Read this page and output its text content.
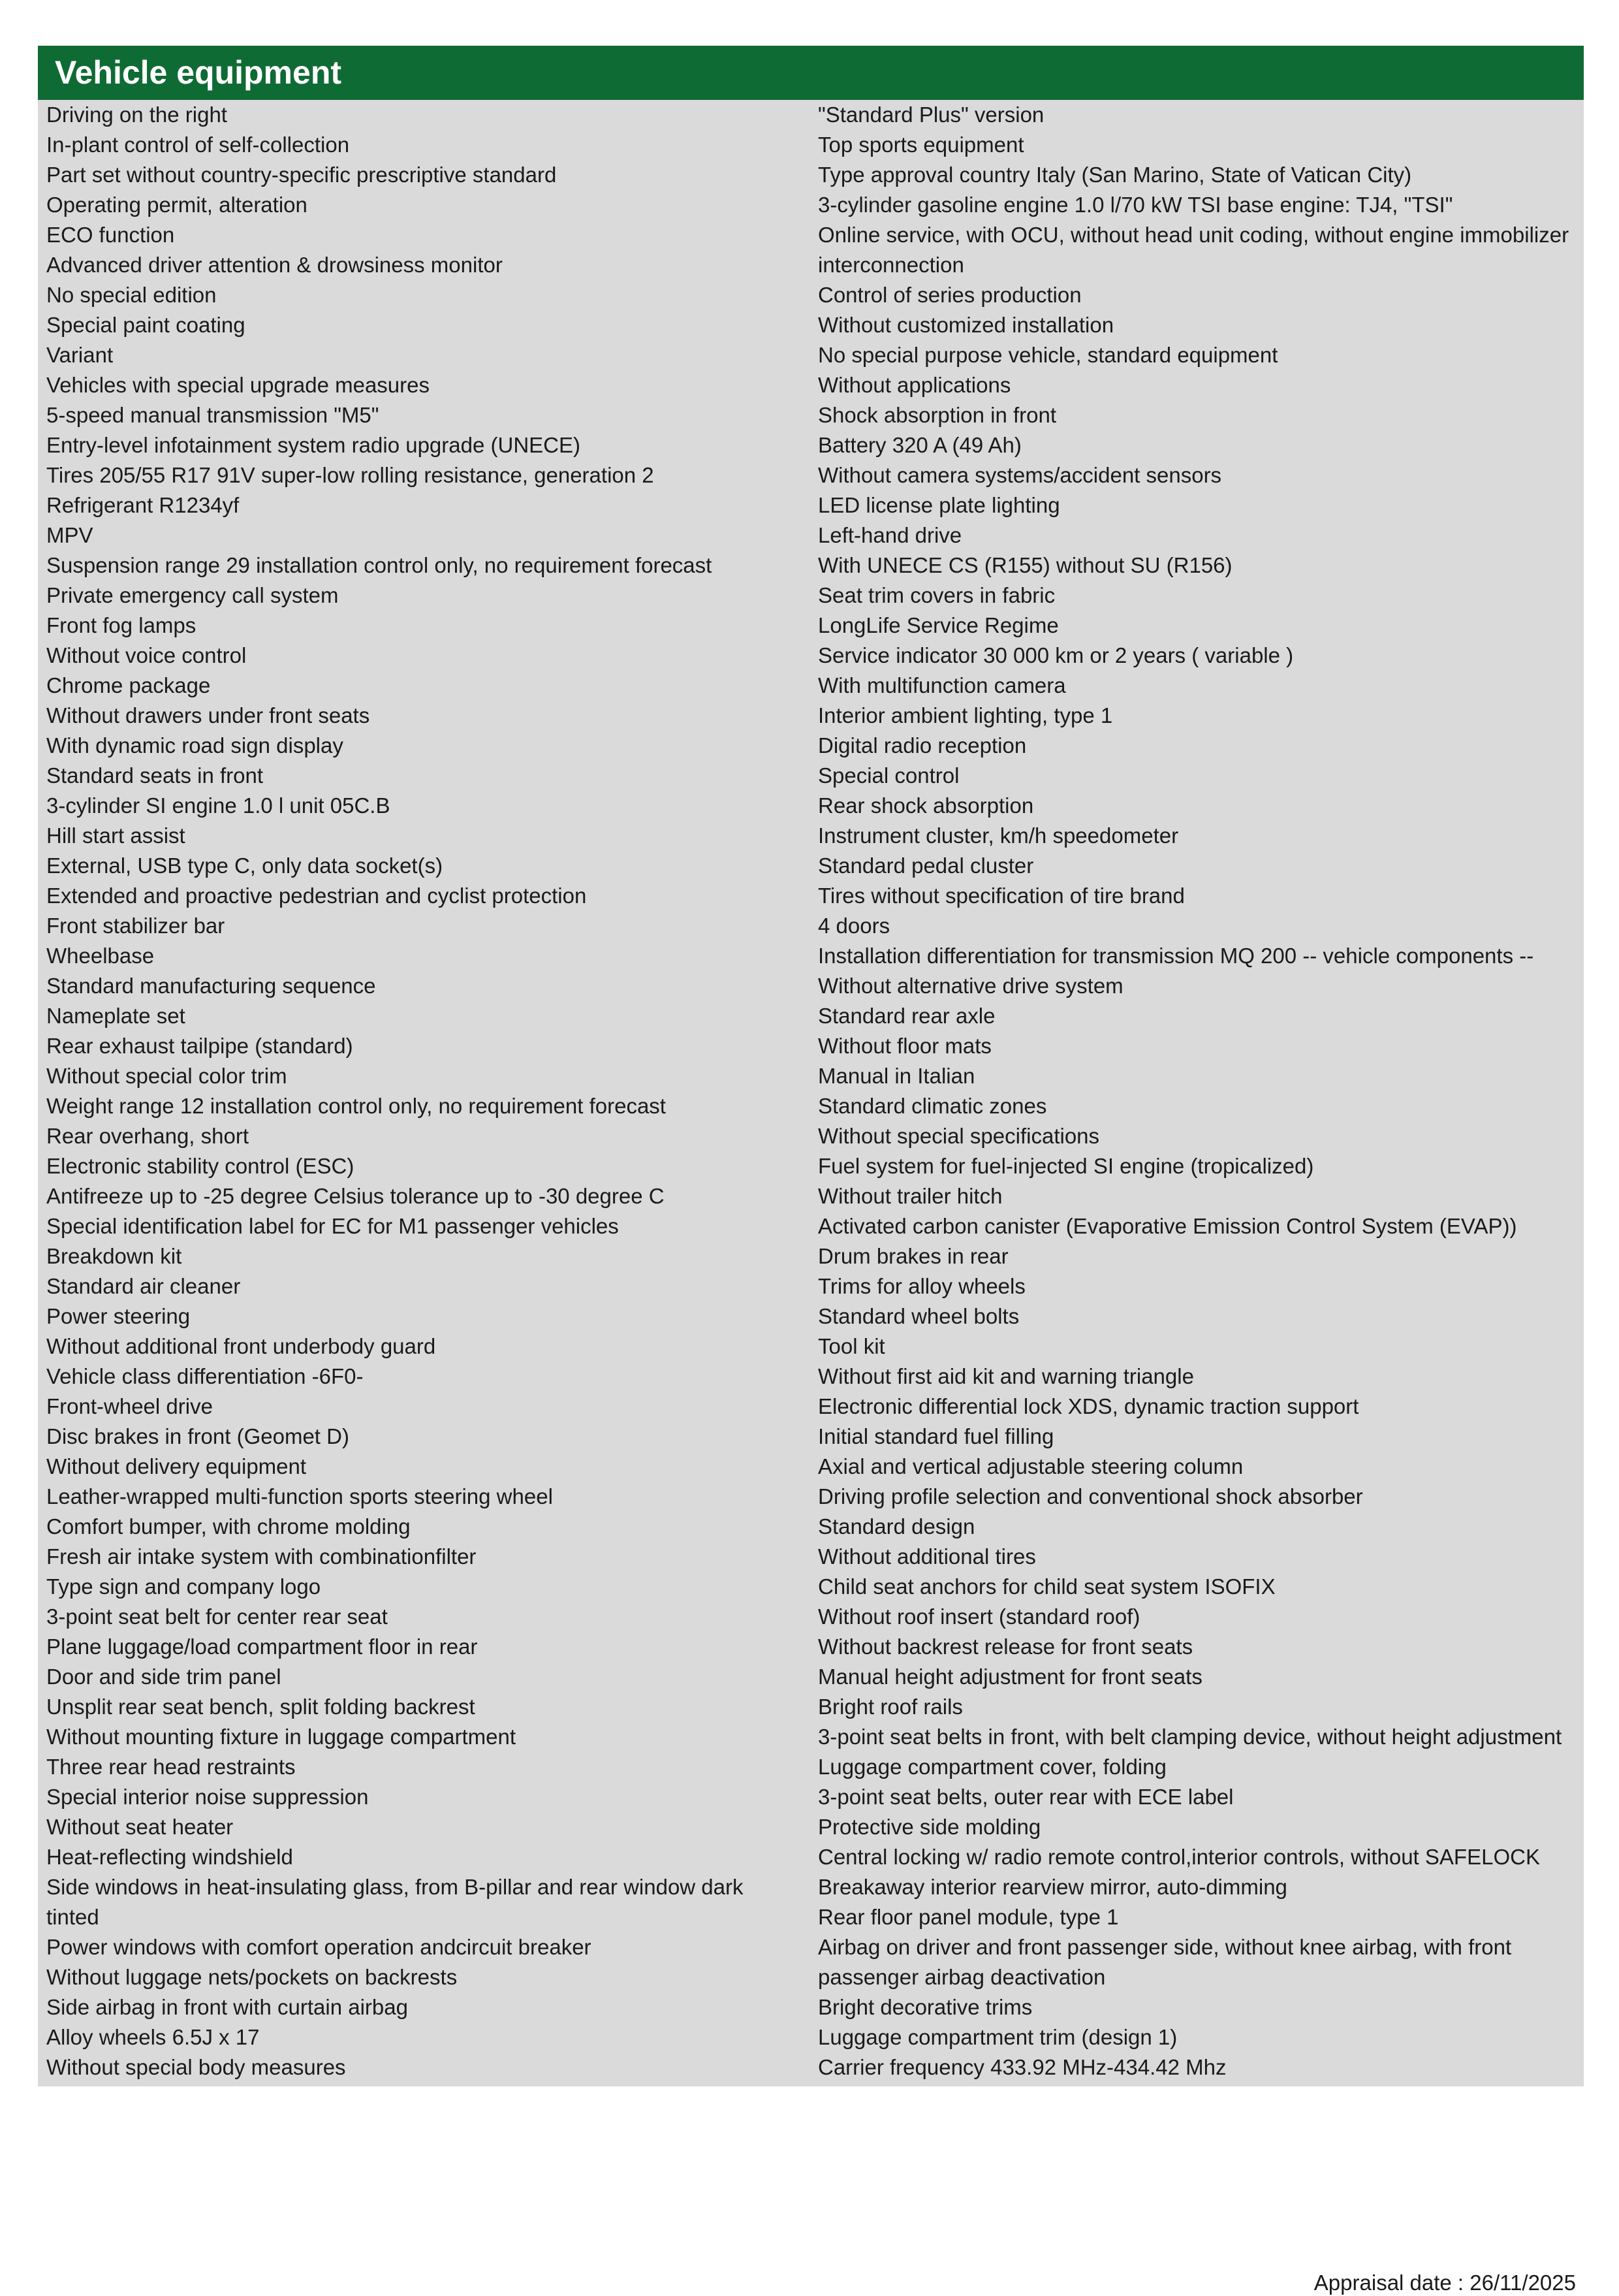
Vehicle equipment
Driving on the right
In-plant control of self-collection
Part set without country-specific prescriptive standard
Operating permit, alteration
ECO function
Advanced driver attention & drowsiness monitor
No special edition
Special paint coating
Variant
Vehicles with special upgrade measures
5-speed manual transmission "M5"
Entry-level infotainment system radio upgrade (UNECE)
Tires 205/55 R17 91V super-low rolling resistance, generation 2
Refrigerant R1234yf
MPV
Suspension range 29 installation control only, no requirement forecast
Private emergency call system
Front fog lamps
Without voice control
Chrome package
Without drawers under front seats
With dynamic road sign display
Standard seats in front
3-cylinder SI engine 1.0 l unit 05C.B
Hill start assist
External, USB type C, only data socket(s)
Extended and proactive pedestrian and cyclist protection
Front stabilizer bar
Wheelbase
Standard manufacturing sequence
Nameplate set
Rear exhaust tailpipe (standard)
Without special color trim
Weight range 12 installation control only, no requirement forecast
Rear overhang, short
Electronic stability control (ESC)
Antifreeze up to -25 degree Celsius tolerance up to -30 degree C
Special identification label for EC for M1 passenger vehicles
Breakdown kit
Standard air cleaner
Power steering
Without additional front underbody guard
Vehicle class differentiation -6F0-
Front-wheel drive
Disc brakes in front (Geomet D)
Without delivery equipment
Leather-wrapped multi-function sports steering wheel
Comfort bumper, with chrome molding
Fresh air intake system with combinationfilter
Type sign and company logo
3-point seat belt for center rear seat
Plane luggage/load compartment floor in rear
Door and side trim panel
Unsplit rear seat bench, split folding backrest
Without mounting fixture in luggage compartment
Three rear head restraints
Special interior noise suppression
Without seat heater
Heat-reflecting windshield
Side windows in heat-insulating glass, from B-pillar and rear window dark tinted
Power windows with comfort operation andcircuit breaker
Without luggage nets/pockets on backrests
Side airbag in front with curtain airbag
Alloy wheels 6.5J x 17
Without special body measures
"Standard Plus" version
Top sports equipment
Type approval country Italy (San Marino, State of Vatican City)
3-cylinder gasoline engine 1.0 l/70 kW TSI base engine: TJ4, "TSI"
Online service, with OCU, without head unit coding, without engine immobilizer interconnection
Control of series production
Without customized installation
No special purpose vehicle, standard equipment
Without applications
Shock absorption in front
Battery 320 A (49 Ah)
Without camera systems/accident sensors
LED license plate lighting
Left-hand drive
With UNECE CS (R155) without SU (R156)
Seat trim covers in fabric
LongLife Service Regime
Service indicator 30 000 km or 2 years ( variable )
With multifunction camera
Interior ambient lighting, type 1
Digital radio reception
Special control
Rear shock absorption
Instrument cluster, km/h speedometer
Standard pedal cluster
Tires without specification of tire brand
4 doors
Installation differentiation for transmission MQ 200 -- vehicle components --
Without alternative drive system
Standard rear axle
Without floor mats
Manual in Italian
Standard climatic zones
Without special specifications
Fuel system for fuel-injected SI engine (tropicalized)
Without trailer hitch
Activated carbon canister (Evaporative Emission Control System (EVAP))
Drum brakes in rear
Trims for alloy wheels
Standard wheel bolts
Tool kit
Without first aid kit and warning triangle
Electronic differential lock XDS, dynamic traction support
Initial standard fuel filling
Axial and vertical adjustable steering column
Driving profile selection and conventional shock absorber
Standard design
Without additional tires
Child seat anchors for child seat system ISOFIX
Without roof insert (standard roof)
Without backrest release for front seats
Manual height adjustment for front seats
Bright roof rails
3-point seat belts in front, with belt clamping device, without height adjustment
Luggage compartment cover, folding
3-point seat belts, outer rear with ECE label
Protective side molding
Central locking w/ radio remote control,interior controls, without SAFELOCK
Breakaway interior rearview mirror, auto-dimming
Rear floor panel module, type 1
Airbag on driver and front passenger side, without knee airbag, with front passenger airbag deactivation
Bright decorative trims
Luggage compartment trim (design 1)
Carrier frequency 433.92 MHz-434.42 Mhz
Appraisal date : 26/11/2025
